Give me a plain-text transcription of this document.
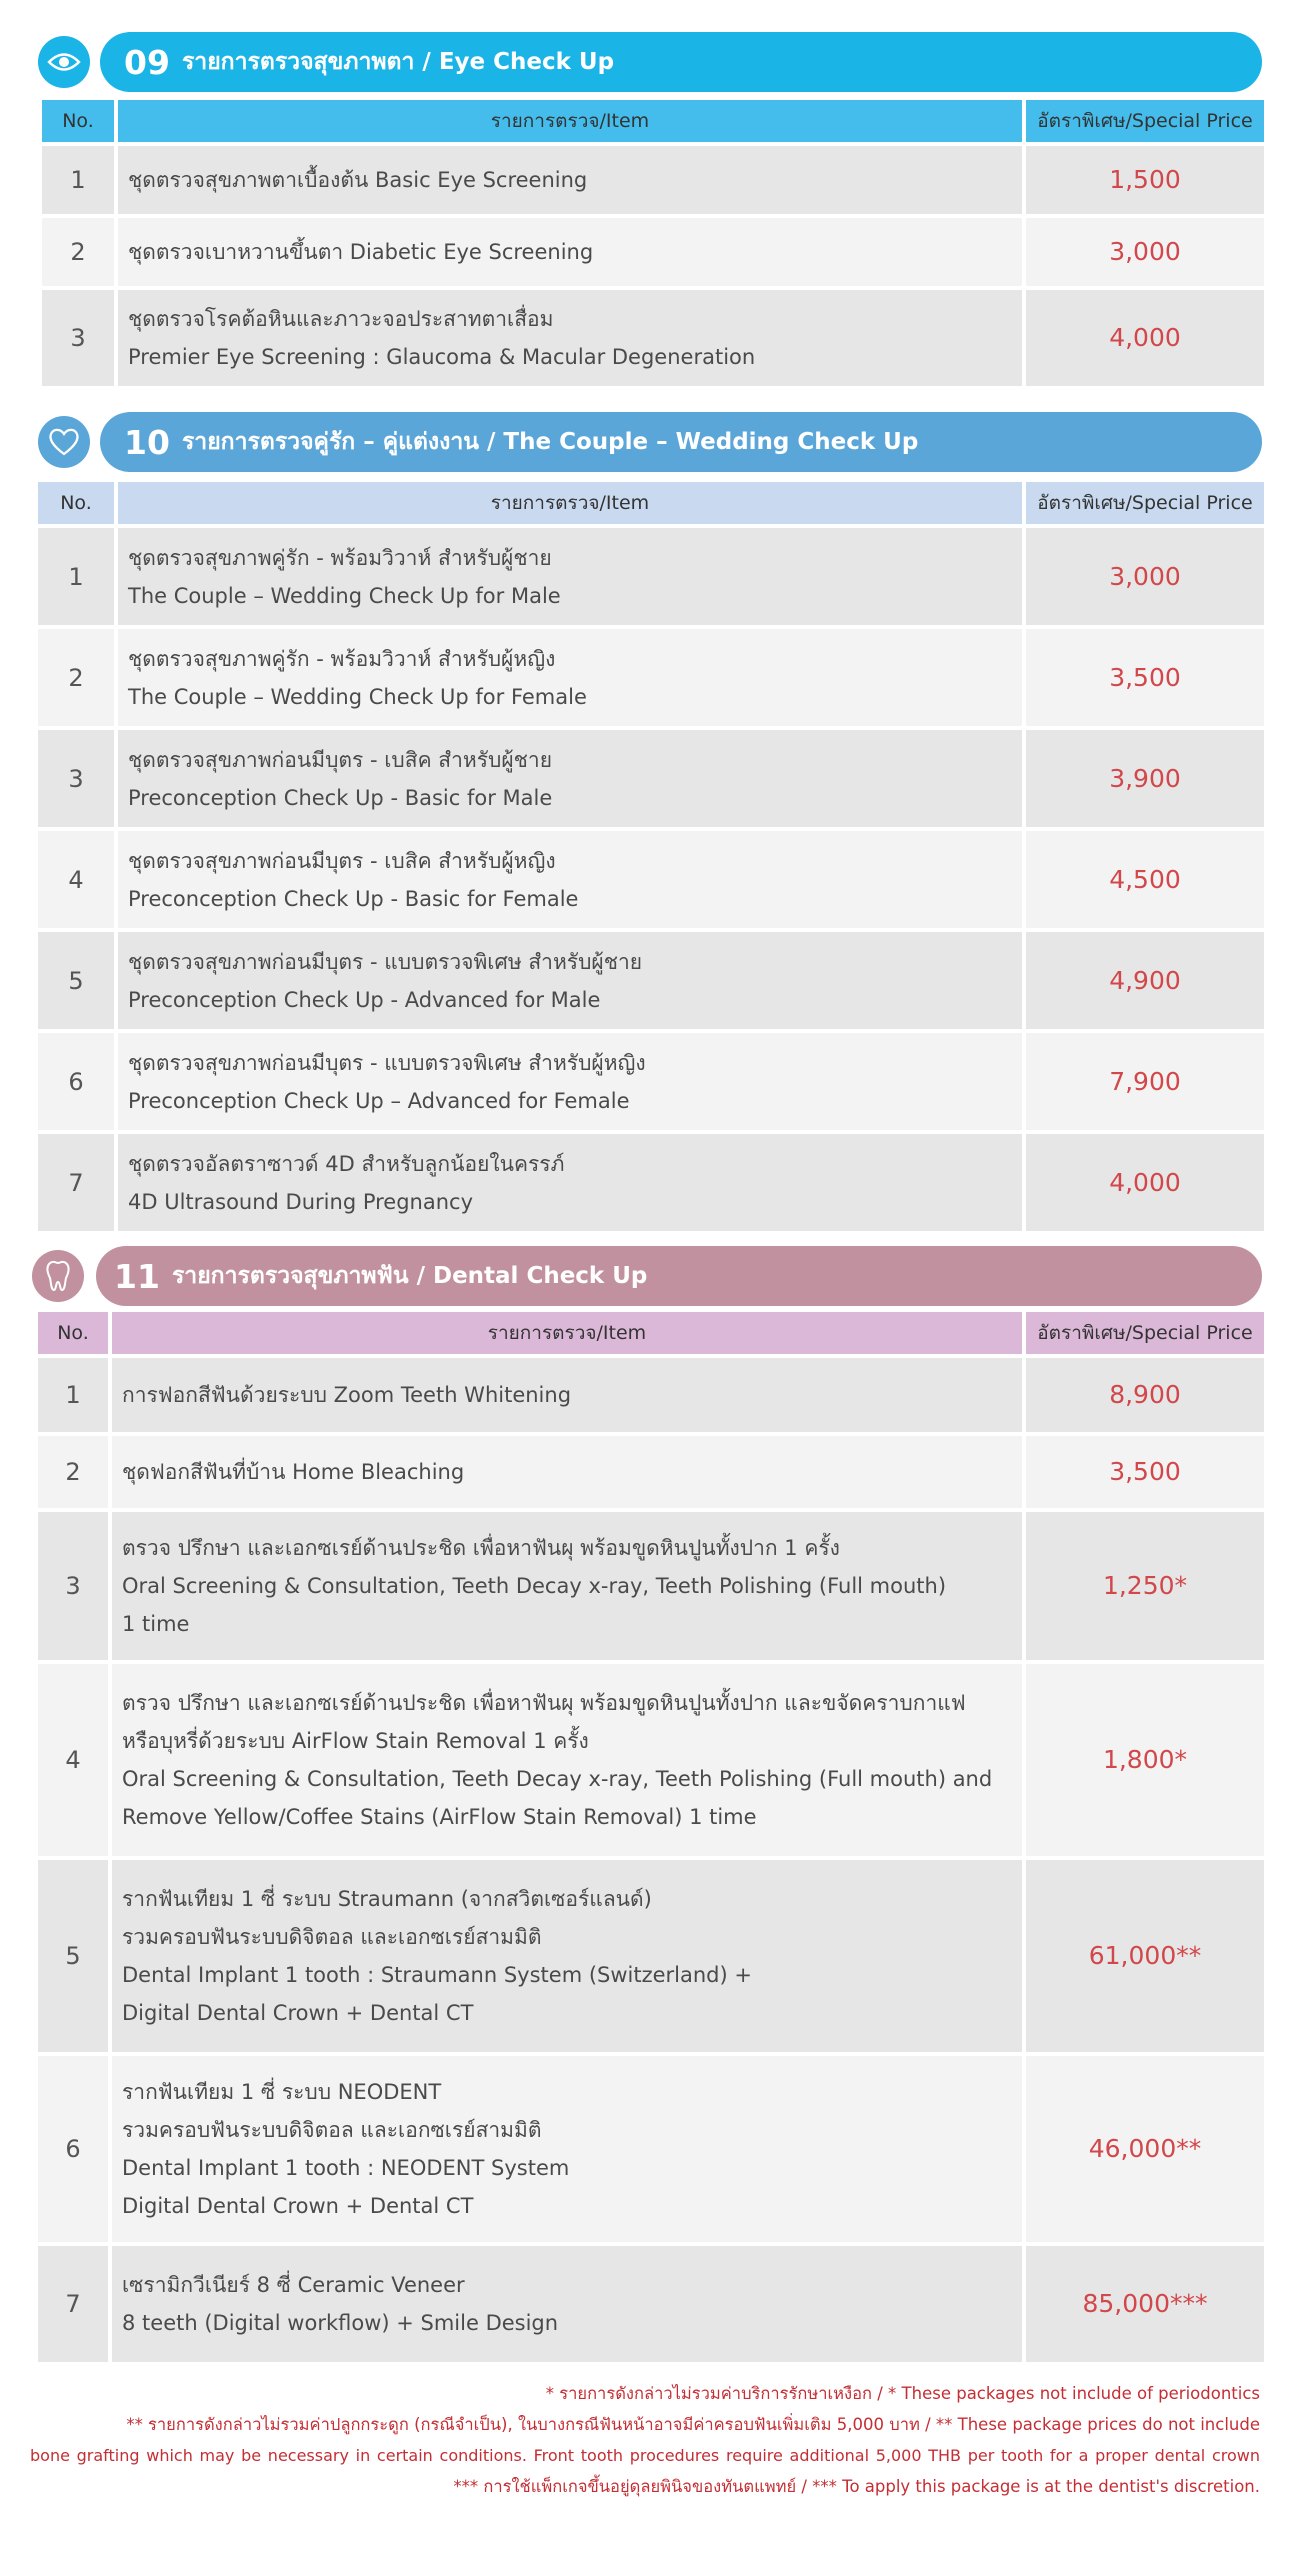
09 รายการตรวจสุขภาพตา / Eye Check Up
No.	รายการตรวจ/Item	อัตราพิเศษ/Special Price
1	ชุดตรวจสุขภาพตาเบื้องต้น Basic Eye Screening	1,500
2	ชุดตรวจเบาหวานขึ้นตา Diabetic Eye Screening	3,000
3	ชุดตรวจโรคต้อหินและภาวะจอประสาทตาเสื่อม
Premier Eye Screening : Glaucoma & Macular Degeneration	4,000
10 รายการตรวจคู่รัก – คู่แต่งงาน / The Couple – Wedding Check Up
No.	รายการตรวจ/Item	อัตราพิเศษ/Special Price
1	ชุดตรวจสุขภาพคู่รัก - พร้อมวิวาห์ สำหรับผู้ชาย
The Couple – Wedding Check Up for Male	3,000
2	ชุดตรวจสุขภาพคู่รัก - พร้อมวิวาห์ สำหรับผู้หญิง
The Couple – Wedding Check Up for Female	3,500
3	ชุดตรวจสุขภาพก่อนมีบุตร - เบสิค สำหรับผู้ชาย
Preconception Check Up - Basic for Male	3,900
4	ชุดตรวจสุขภาพก่อนมีบุตร - เบสิค สำหรับผู้หญิง
Preconception Check Up - Basic for Female	4,500
5	ชุดตรวจสุขภาพก่อนมีบุตร - แบบตรวจพิเศษ สำหรับผู้ชาย
Preconception Check Up - Advanced for Male	4,900
6	ชุดตรวจสุขภาพก่อนมีบุตร - แบบตรวจพิเศษ สำหรับผู้หญิง
Preconception Check Up – Advanced for Female	7,900
7	ชุดตรวจอัลตราซาวด์ 4D สำหรับลูกน้อยในครรภ์
4D Ultrasound During Pregnancy	4,000
11 รายการตรวจสุขภาพฟัน / Dental Check Up
No.	รายการตรวจ/Item	อัตราพิเศษ/Special Price
1	การฟอกสีฟันด้วยระบบ Zoom Teeth Whitening	8,900
2	ชุดฟอกสีฟันที่บ้าน Home Bleaching	3,500
3	ตรวจ ปรึกษา และเอกซเรย์ด้านประชิด เพื่อหาฟันผุ พร้อมขูดหินปูนทั้งปาก 1 ครั้ง
Oral Screening & Consultation, Teeth Decay x-ray, Teeth Polishing (Full mouth)
1 time	1,250*
4	ตรวจ ปรึกษา และเอกซเรย์ด้านประชิด เพื่อหาฟันผุ พร้อมขูดหินปูนทั้งปาก และขจัดคราบกาแฟ
หรือบุหรี่ด้วยระบบ AirFlow Stain Removal 1 ครั้ง
Oral Screening & Consultation, Teeth Decay x-ray, Teeth Polishing (Full mouth) and
Remove Yellow/Coffee Stains (AirFlow Stain Removal) 1 time	1,800*
5	รากฟันเทียม 1 ซี่ ระบบ Straumann (จากสวิตเซอร์แลนด์)
รวมครอบฟันระบบดิจิตอล และเอกซเรย์สามมิติ
Dental Implant 1 tooth : Straumann System (Switzerland) +
Digital Dental Crown + Dental CT	61,000**
6	รากฟันเทียม 1 ซี่ ระบบ NEODENT
รวมครอบฟันระบบดิจิตอล และเอกซเรย์สามมิติ
Dental Implant 1 tooth : NEODENT System
Digital Dental Crown + Dental CT	46,000**
7	เซรามิกวีเนียร์ 8 ซี่ Ceramic Veneer
8 teeth (Digital workflow) + Smile Design	85,000***

* รายการดังกล่าวไม่รวมค่าบริการรักษาเหงือก / * These packages not include of periodontics

** รายการดังกล่าวไม่รวมค่าปลูกกระดูก (กรณีจำเป็น), ในบางกรณีฟันหน้าอาจมีค่าครอบฟันเพิ่มเติม 5,000 บาท / ** These package prices do not include

bone grafting which may be necessary in certain conditions. Front tooth procedures require additional 5,000 THB per tooth for a proper dental crown

*** การใช้แพ็กเกจขึ้นอยู่ดุลยพินิจของทันตแพทย์ / *** To apply this package is at the dentist's discretion.
